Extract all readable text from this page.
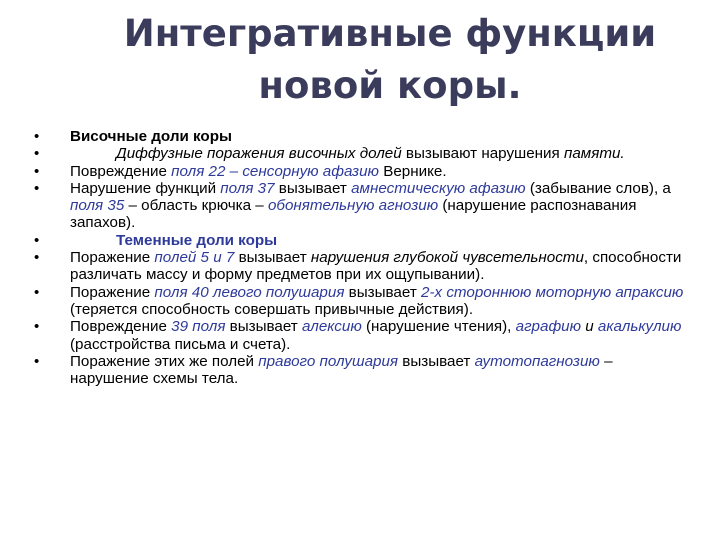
Интегративные функции
новой коры.

•	Височные доли коры

•	Диффузные поражения височных долей вызывают нарушения памяти.

•	Повреждение поля 22 – сенсорную афазию Вернике.

•	Нарушение функций поля 37 вызывает амнестическую афазию (забывание слов), а поля 35 – область крючка – обонятельную агнозию (нарушение распознавания запахов).

•	Теменные доли коры

•	Поражение полей 5 и 7 вызывает нарушения глубокой чувсетельности, способности различать массу и форму предметов при их ощупывании).

•	Поражение поля 40 левого полушария вызывает 2-х стороннюю моторную апраксию (теряется способность совершать привычные действия).

•	Повреждение 39 поля вызывает алексию (нарушение чтения), аграфию и акалькулию (расстройства письма и счета).

•	Поражение этих же полей правого полушария вызывает аутотопагнозию – нарушение схемы тела.
